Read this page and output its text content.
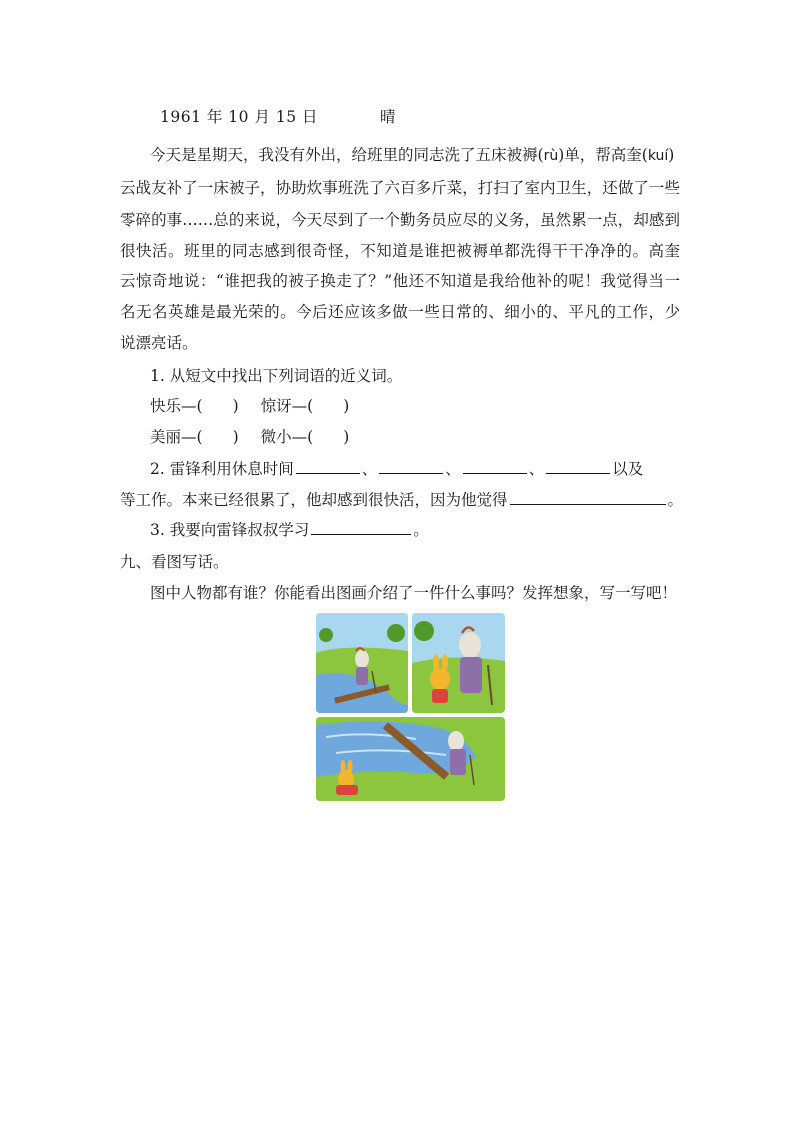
1961 年 10 月 15 日	晴
今天是星期天，我没有外出，给班里的同志洗了五床被褥(rù)单，帮高奎(kuí)
云战友补了一床被子，协助炊事班洗了六百多斤菜，打扫了室内卫生，还做了一些
零碎的事……总的来说，今天尽到了一个勤务员应尽的义务，虽然累一点，却感到
很快活。班里的同志感到很奇怪，不知道是谁把被褥单都洗得干干净净的。高奎
云惊奇地说：“谁把我的被子换走了？”他还不知道是我给他补的呢！我觉得当一
名无名英雄是最光荣的。今后还应该多做一些日常的、细小的、平凡的工作，少
说漂亮话。
1. 从短文中找出下列词语的近义词。
快乐—( ) 惊讶—( )
美丽—( ) 微小—( )
2. 雷锋利用休息时间	、	、	、	以及
等工作。本来已经很累了，他却感到很快活，因为他觉得	。
3. 我要向雷锋叔叔学习	。
九、看图写话。
图中人物都有谁？你能看出图画介绍了一件什么事吗？发挥想象，写一写吧！
